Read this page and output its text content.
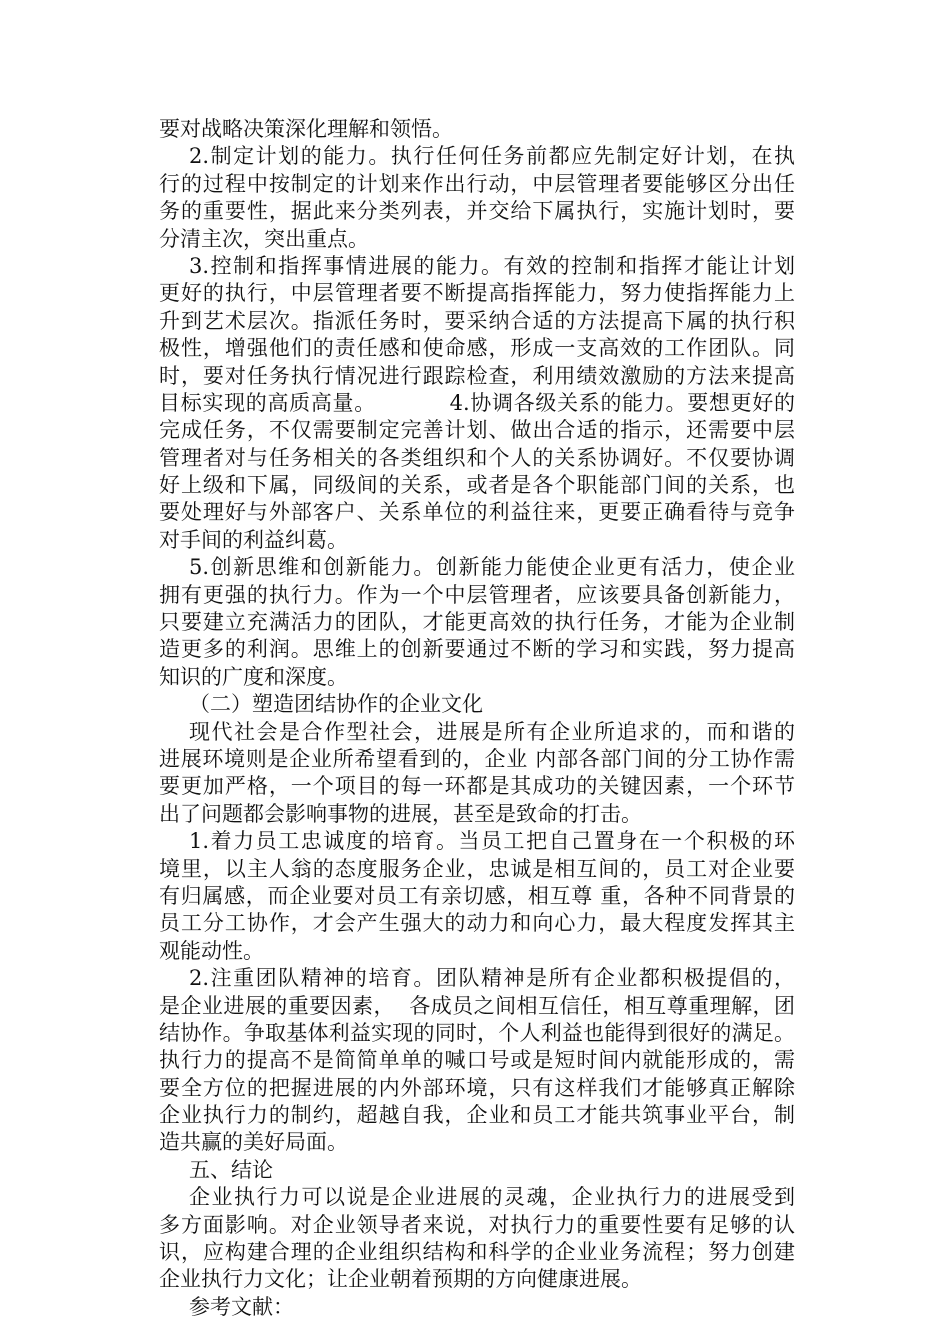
要对战略决策深化理解和领悟。
2.制定计划的能力。执行任何任务前都应先制定好计划，在执
行的过程中按制定的计划来作出行动，中层管理者要能够区分出任
务的重要性，据此来分类列表，并交给下属执行，实施计划时，要
分清主次，突出重点。
3.控制和指挥事情进展的能力。有效的控制和指挥才能让计划
更好的执行，中层管理者要不断提高指挥能力，努力使指挥能力上
升到艺术层次。指派任务时，要采纳合适的方法提高下属的执行积
极性，增强他们的责任感和使命感，形成一支高效的工作团队。同
时，要对任务执行情况进行跟踪检查，利用绩效激励的方法来提高
目标实现的高质高量。          4.协调各级关系的能力。要想更好的
完成任务，不仅需要制定完善计划、做出合适的指示，还需要中层
管理者对与任务相关的各类组织和个人的关系协调好。不仅要协调
好上级和下属，同级间的关系，或者是各个职能部门间的关系，也
要处理好与外部客户、关系单位的利益往来，更要正确看待与竞争
对手间的利益纠葛。
5.创新思维和创新能力。创新能力能使企业更有活力，使企业
拥有更强的执行力。作为一个中层管理者，应该要具备创新能力，
只要建立充满活力的团队，才能更高效的执行任务，才能为企业制
造更多的利润。思维上的创新要通过不断的学习和实践，努力提高
知识的广度和深度。
（二）塑造团结协作的企业文化
现代社会是合作型社会，进展是所有企业所追求的，而和谐的
进展环境则是企业所希望看到的，企业 内部各部门间的分工协作需
要更加严格，一个项目的每一环都是其成功的关键因素，一个环节
出了问题都会影响事物的进展，甚至是致命的打击。
1.着力员工忠诚度的培育。当员工把自己置身在一个积极的环
境里，以主人翁的态度服务企业，忠诚是相互间的，员工对企业要
有归属感，而企业要对员工有亲切感，相互尊 重，各种不同背景的
员工分工协作，才会产生强大的动力和向心力，最大程度发挥其主
观能动性。
2.注重团队精神的培育。团队精神是所有企业都积极提倡的，
是企业进展的重要因素，  各成员之间相互信任，相互尊重理解，团
结协作。争取基体利益实现的同时，个人利益也能得到很好的满足。
执行力的提高不是简简单单的喊口号或是短时间内就能形成的，需
要全方位的把握进展的内外部环境，只有这样我们才能够真正解除
企业执行力的制约，超越自我，企业和员工才能共筑事业平台，制
造共赢的美好局面。
五、结论
企业执行力可以说是企业进展的灵魂，企业执行力的进展受到
多方面影响。对企业领导者来说，对执行力的重要性要有足够的认
识，应构建合理的企业组织结构和科学的企业业务流程；努力创建
企业执行力文化；让企业朝着预期的方向健康进展。
参考文献：
